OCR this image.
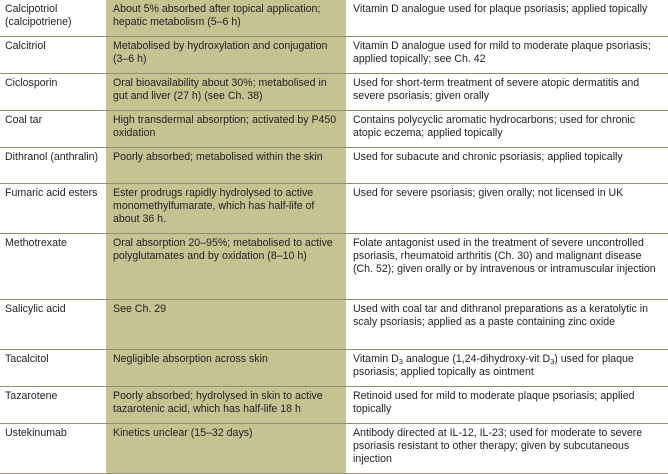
Calcipotriol (calcipotriene)	About 5% absorbed after topical application; hepatic metabolism (5–6 h)	Vitamin D analogue used for plaque psoriasis; applied topically
Calcitriol	Metabolised by hydroxylation and conjugation (3–6 h)	Vitamin D analogue used for mild to moderate plaque psoriasis; applied topically; see Ch. 42
Ciclosporin	Oral bioavailability about 30%; metabolised in gut and liver (27 h) (see Ch. 38)	Used for short-term treatment of severe atopic dermatitis and severe psoriasis; given orally
Coal tar	High transdermal absorption; activated by P450 oxidation	Contains polycyclic aromatic hydrocarbons; used for chronic atopic eczema; applied topically
Dithranol (anthralin)	Poorly absorbed; metabolised within the skin	Used for subacute and chronic psoriasis; applied topically
Fumaric acid esters	Ester prodrugs rapidly hydrolysed to active monomethylfumarate, which has half-life of about 36 h.	Used for severe psoriasis; given orally; not licensed in UK
Methotrexate	Oral absorption 20–95%; metabolised to active polyglutamates and by oxidation (8–10 h)	Folate antagonist used in the treatment of severe uncontrolled psoriasis, rheumatoid arthritis (Ch. 30) and malignant disease (Ch. 52); given orally or by intravenous or intramuscular injection
Salicylic acid	See Ch. 29	Used with coal tar and dithranol preparations as a keratolytic in scaly psoriasis; applied as a paste containing zinc oxide
Tacalcitol	Negligible absorption across skin	Vitamin $D_3$ analogue (1,24-dihydroxy-vit $D_3$) used for plaque psoriasis; applied topically as ointment
Tazarotene	Poorly absorbed; hydrolysed in skin to active tazarotenic acid, which has half-life 18 h	Retinoid used for mild to moderate plaque psoriasis; applied topically
Ustekinumab	Kinetics unclear (15–32 days)	Antibody directed at IL-12, IL-23; used for moderate to severe psoriasis resistant to other therapy; given by subcutaneous injection
